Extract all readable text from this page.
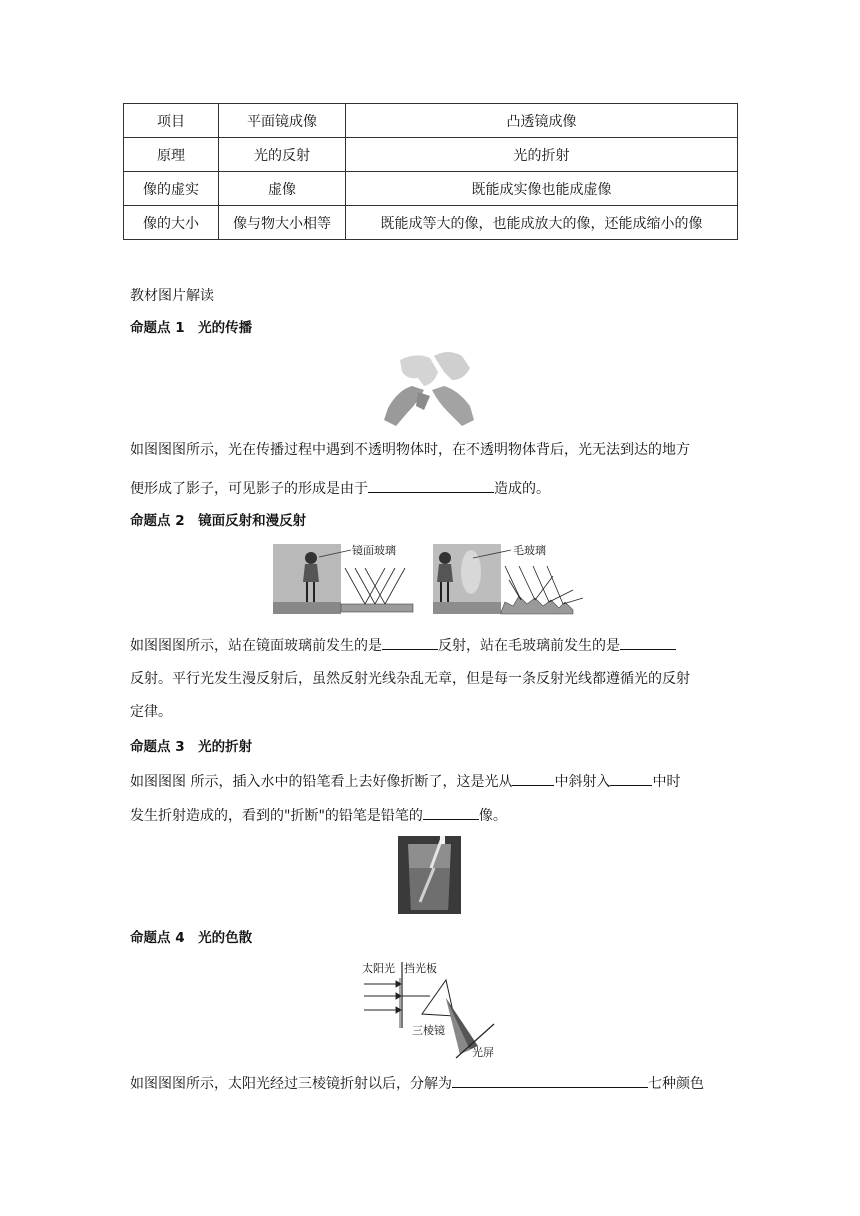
项目	平面镜成像	凸透镜成像
原理	光的反射	光的折射
像的虚实	虚像	既能成实像也能成虚像
像的大小	像与物大小相等	既能成等大的像，也能成放大的像，还能成缩小的像
教材图片解读
命题点 1　光的传播
如图图图所示，光在传播过程中遇到不透明物体时，在不透明物体背后，光无法到达的地方
便形成了影子，可见影子的形成是由于	造成的。
命题点 2　镜面反射和漫反射
镜面玻璃	毛玻璃
如图图图所示，站在镜面玻璃前发生的是	反射，站在毛玻璃前发生的是
反射。平行光发生漫反射后，虽然反射光线杂乱无章，但是每一条反射光线都遵循光的反射
定律。
命题点 3　光的折射
如图图图 所示，插入水中的铅笔看上去好像折断了，这是光从	中斜射入	中时
发生折射造成的，看到的"折断"的铅笔是铅笔的	像。
命题点 4　光的色散
太阳光 挡光板
三棱镜
光屏
如图图图所示，太阳光经过三棱镜折射以后，分解为	七种颜色
